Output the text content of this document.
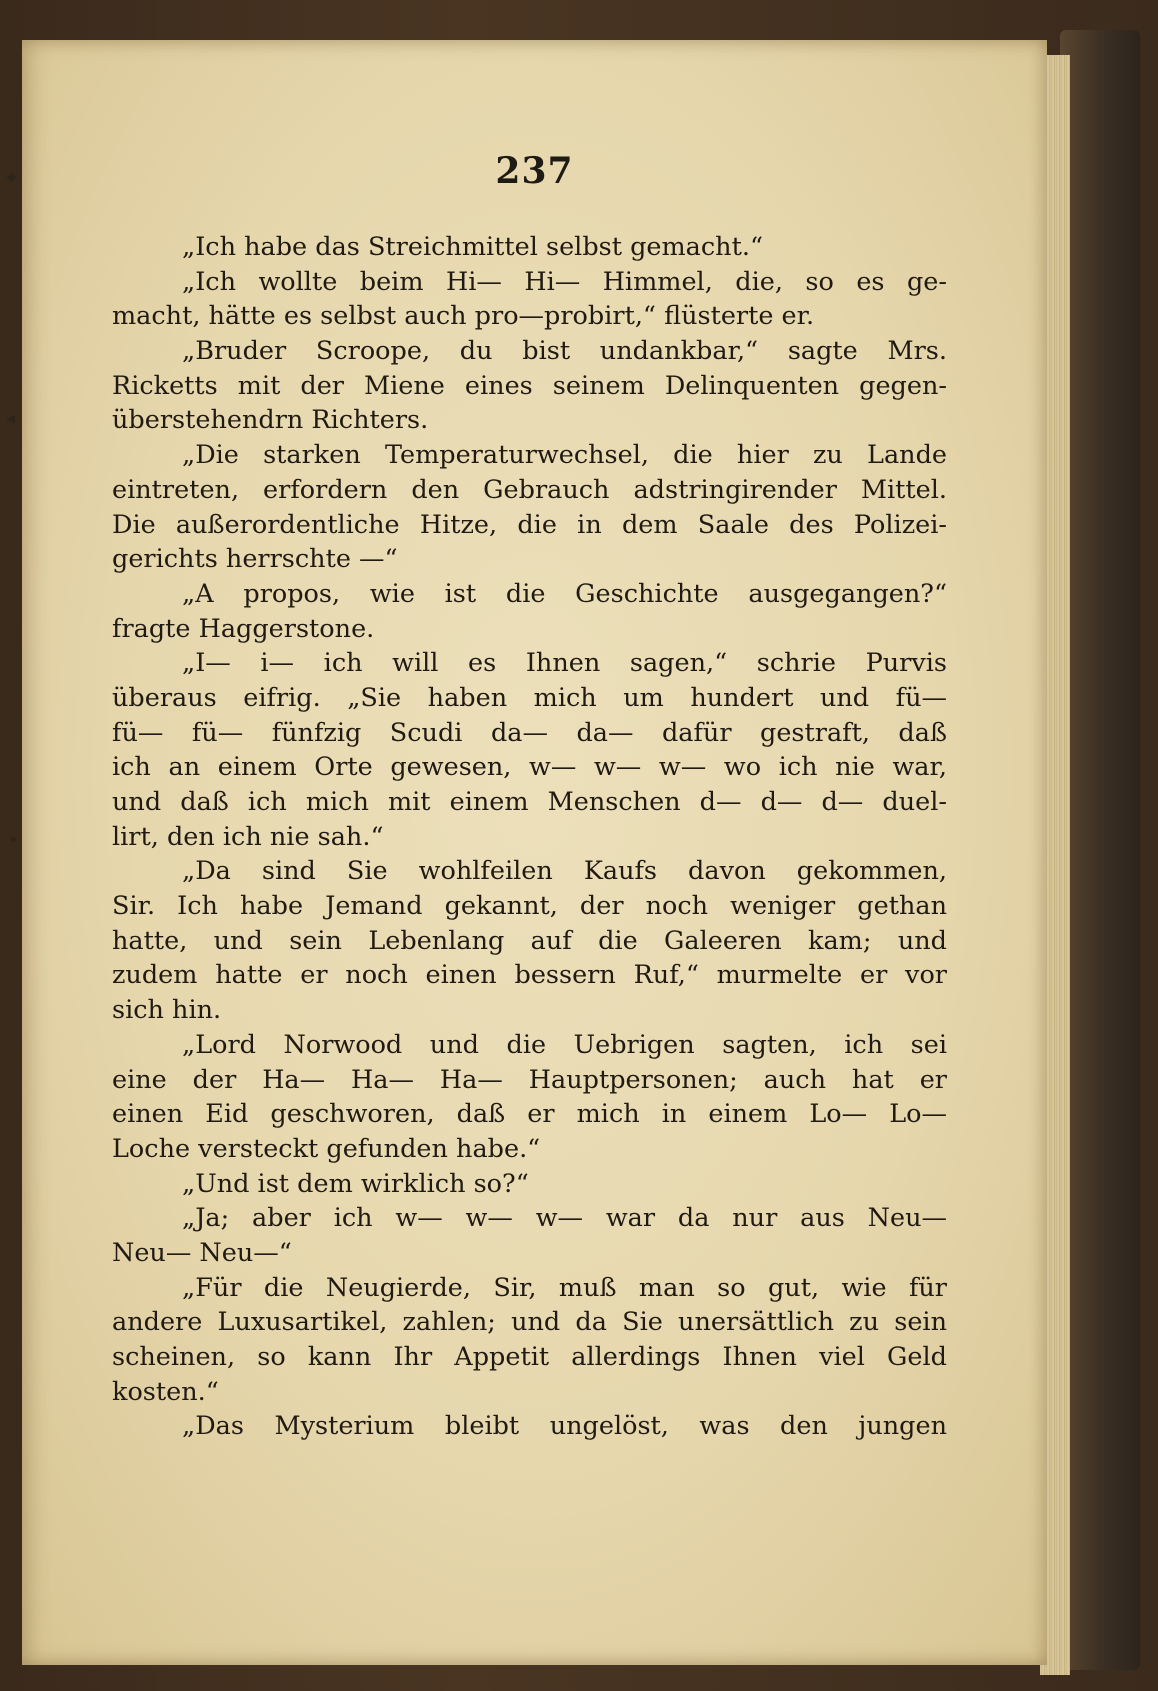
237
„Ich habe das Streichmittel selbst gemacht.“
„Ich wollte beim Hi— Hi— Himmel, die, so es ge-
macht, hätte es selbst auch pro—probirt,“ flüsterte er.
„Bruder Scroope, du bist undankbar,“ sagte Mrs.
Ricketts mit der Miene eines seinem Delinquenten gegen-
überstehendrn Richters.
„Die starken Temperaturwechsel, die hier zu Lande
eintreten, erfordern den Gebrauch adstringirender Mittel.
Die außerordentliche Hitze, die in dem Saale des Polizei-
gerichts herrschte —“
„A propos, wie ist die Geschichte ausgegangen?“
fragte Haggerstone.
„I— i— ich will es Ihnen sagen,“ schrie Purvis
überaus eifrig. „Sie haben mich um hundert und fü—
fü— fü— fünfzig Scudi da— da— dafür gestraft, daß
ich an einem Orte gewesen, w— w— w— wo ich nie war,
und daß ich mich mit einem Menschen d— d— d— duel-
lirt, den ich nie sah.“
„Da sind Sie wohlfeilen Kaufs davon gekommen,
Sir. Ich habe Jemand gekannt, der noch weniger gethan
hatte, und sein Lebenlang auf die Galeeren kam; und
zudem hatte er noch einen bessern Ruf,“ murmelte er vor
sich hin.
„Lord Norwood und die Uebrigen sagten, ich sei
eine der Ha— Ha— Ha— Hauptpersonen; auch hat er
einen Eid geschworen, daß er mich in einem Lo— Lo—
Loche versteckt gefunden habe.“
„Und ist dem wirklich so?“
„Ja; aber ich w— w— w— war da nur aus Neu—
Neu— Neu—“
„Für die Neugierde, Sir, muß man so gut, wie für
andere Luxusartikel, zahlen; und da Sie unersättlich zu sein
scheinen, so kann Ihr Appetit allerdings Ihnen viel Geld
kosten.“
„Das Mysterium bleibt ungelöst, was den jungen
✦
◂
•
